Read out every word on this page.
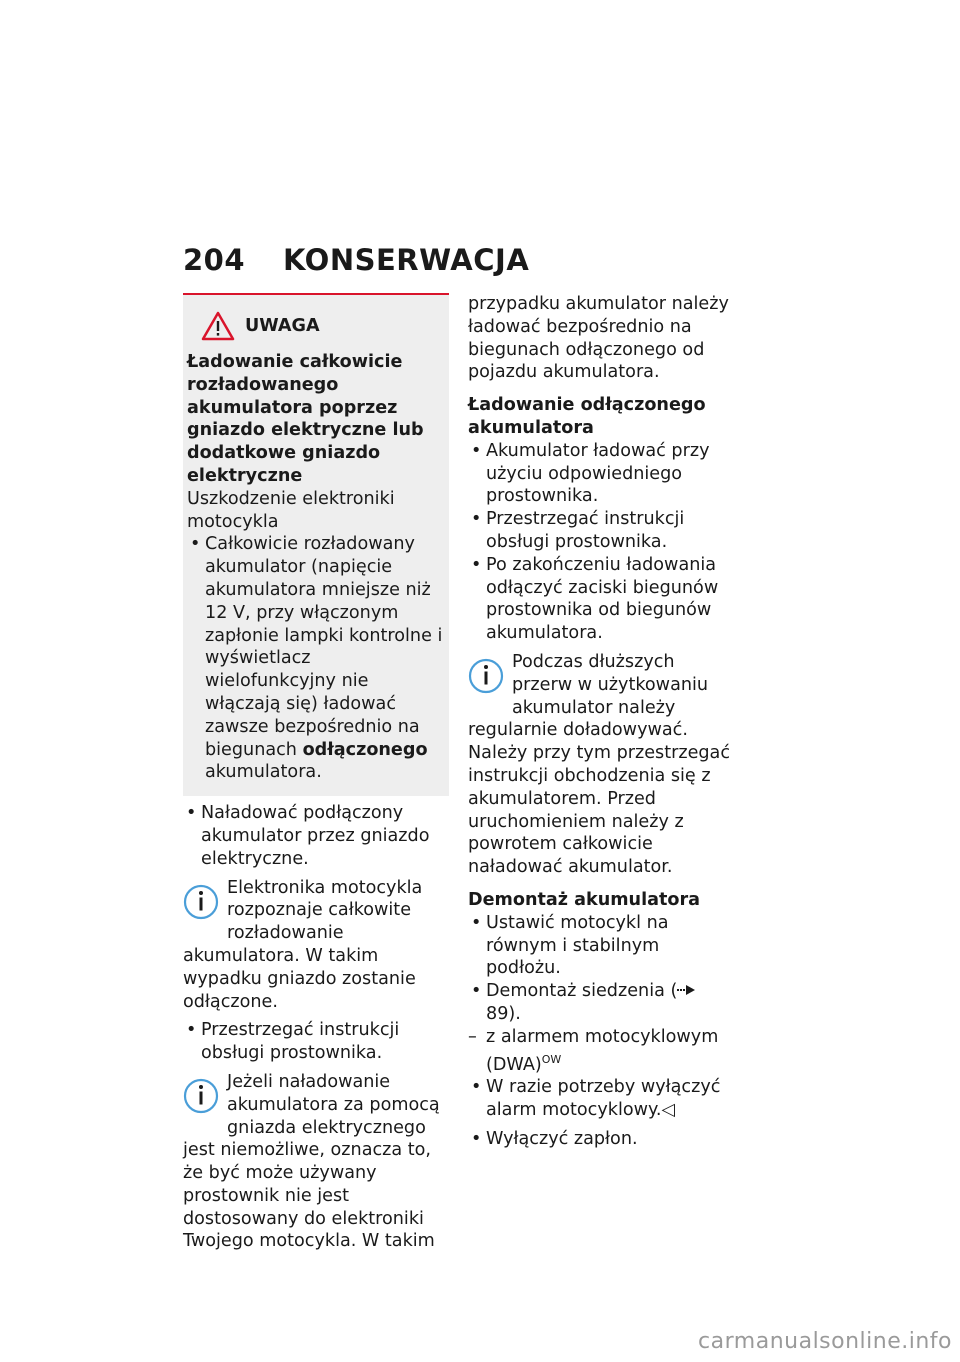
204 KONSERWACJA
UWAGA

Ładowanie całkowicie rozładowanego akumulatora poprzez gniazdo elektryczne lub dodatkowe gniazdo elektryczne

Uszkodzenie elektroniki motocykla

• Całkowicie rozładowany akumulator (napięcie akumulatora mniejsze niż 12 V, przy włączonym zapłonie lampki kontrolne i wyświetlacz wielofunkcyjny nie włączają się) ładować zawsze bezpośrednio na biegunach odłączonego akumulatora.

• Naładować podłączony akumulator przez gniazdo elektryczne.

Elektronika motocykla rozpoznaje całkowite rozładowanie akumulatora. W takim wypadku gniazdo zostanie odłączone.

• Przestrzegać instrukcji obsługi prostownika.

Jeżeli naładowanie akumulatora za pomocą gniazda elektrycznego jest niemożliwe, oznacza to, że być może używany prostownik nie jest dostosowany do elektroniki Twojego motocykla. W takim

przypadku akumulator należy ładować bezpośrednio na biegunach odłączonego od pojazdu akumulatora.

Ładowanie odłączonego akumulatora

• Akumulator ładować przy użyciu odpowiedniego prostownika.

• Przestrzegać instrukcji obsługi prostownika.

• Po zakończeniu ładowania odłączyć zaciski biegunów prostownika od biegunów akumulatora.

Podczas dłuższych przerw w użytkowaniu akumulator należy regularnie doładowywać. Należy przy tym przestrzegać instrukcji obchodzenia się z akumulatorem. Przed uruchomieniem należy z powrotem całkowicie naładować akumulator.

Demontaż akumulatora

• Ustawić motocykl na równym i stabilnym podłożu.

• Demontaż siedzenia ( 89).

– z alarmem motocyklowym (DWA)$^{OW}$

• W razie potrzeby wyłączyć alarm motocyklowy.◁

• Wyłączyć zapłon.

carmanualsonline.info
